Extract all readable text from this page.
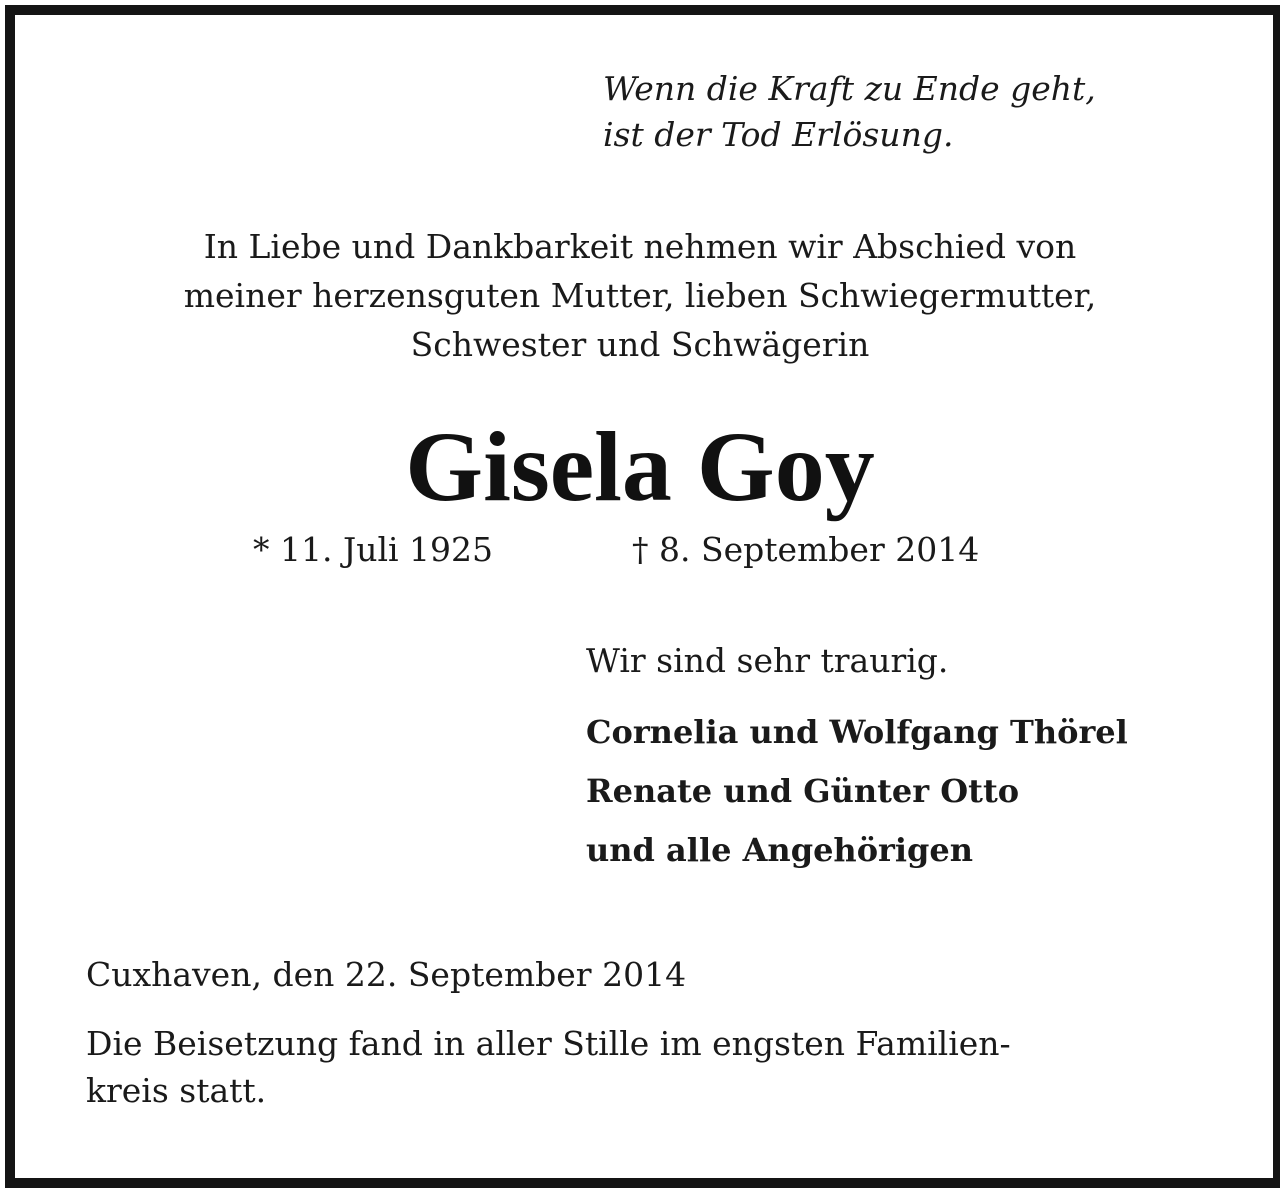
Wenn die Kraft zu Ende geht,
ist der Tod Erlösung.
In Liebe und Dankbarkeit nehmen wir Abschied von
meiner herzensguten Mutter, lieben Schwiegermutter,
Schwester und Schwägerin
Gisela Goy
* 11. Juli 1925	† 8. September 2014
Wir sind sehr traurig.
Cornelia und Wolfgang Thörel
Renate und Günter Otto
und alle Angehörigen
Cuxhaven, den 22. September 2014
Die Beisetzung fand in aller Stille im engsten Familien-
kreis statt.
